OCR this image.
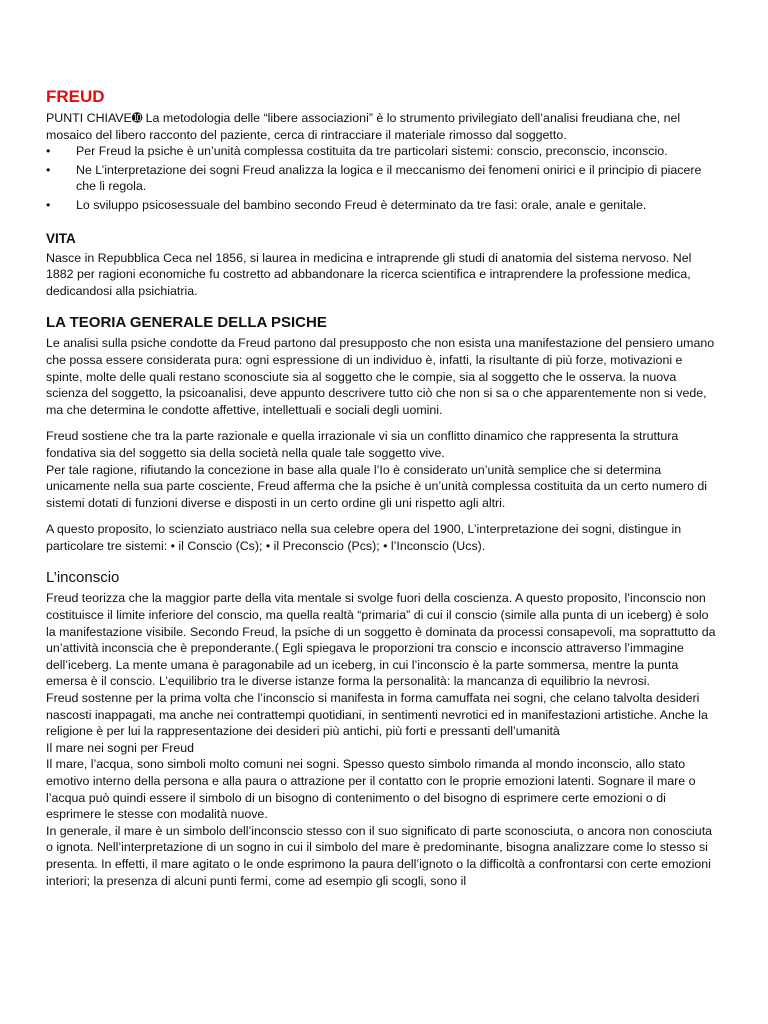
FREUD

PUNTI CHIAVE➓ La metodologia delle “libere associazioni” è lo strumento privilegiato dell’analisi freudiana che, nel mosaico del libero racconto del paziente, cerca di rintracciare il materiale rimosso dal soggetto.

• Per Freud la psiche è un’unità complessa costituita da tre particolari sistemi: conscio, preconscio, inconscio.
• Ne L’interpretazione dei sogni Freud analizza la logica e il meccanismo dei fenomeni onirici e il principio di piacere che li regola.
• Lo sviluppo psicosessuale del bambino secondo Freud è determinato da tre fasi: orale, anale e genitale.
VITA

Nasce in Repubblica Ceca nel 1856, si laurea in medicina e intraprende gli studi di anatomia del sistema nervoso. Nel 1882 per ragioni economiche fu costretto ad abbandonare la ricerca scientifica e intraprendere la professione medica, dedicandosi alla psichiatria.

LA TEORIA GENERALE DELLA PSICHE

Le analisi sulla psiche condotte da Freud partono dal presupposto che non esista una manifestazione del pensiero umano che possa essere considerata pura: ogni espressione di un individuo è, infatti, la risultante di più forze, motivazioni e spinte, molte delle quali restano sconosciute sia al soggetto che le compie, sia al soggetto che le osserva. la nuova scienza del soggetto, la psicoanalisi, deve appunto descrivere tutto ciò che non si sa o che apparentemente non si vede, ma che determina le condotte affettive, intellettuali e sociali degli uomini.

Freud sostiene che tra la parte razionale e quella irrazionale vi sia un conflitto dinamico che rappresenta la struttura fondativa sia del soggetto sia della società nella quale tale soggetto vive.

Per tale ragione, rifiutando la concezione in base alla quale l’Io è considerato un’unità semplice che si determina unicamente nella sua parte cosciente, Freud afferma che la psiche è un’unità complessa costituita da un certo numero di sistemi dotati di funzioni diverse e disposti in un certo ordine gli uni rispetto agli altri.

A questo proposito, lo scienziato austriaco nella sua celebre opera del 1900, L’interpretazione dei sogni, distingue in particolare tre sistemi: • il Conscio (Cs); • il Preconscio (Pcs); • l’Inconscio (Ucs).

L’inconscio

Freud teorizza che la maggior parte della vita mentale si svolge fuori della coscienza. A questo proposito, l’inconscio non costituisce il limite inferiore del conscio, ma quella realtà “primaria” di cui il conscio (simile alla punta di un iceberg) è solo la manifestazione visibile. Secondo Freud, la psiche di un soggetto è dominata da processi consapevoli, ma soprattutto da un’attività inconscia che è preponderante.( Egli spiegava le proporzioni tra conscio e inconscio attraverso l’immagine dell’iceberg. La mente umana è paragonabile ad un iceberg, in cui l’inconscio è la parte sommersa, mentre la punta emersa è il conscio. L’equilibrio tra le diverse istanze forma la personalità: la mancanza di equilibrio la nevrosi.

Freud sostenne per la prima volta che l’inconscio si manifesta in forma camuffata nei sogni, che celano talvolta desideri nascosti inappagati, ma anche nei contrattempi quotidiani, in sentimenti nevrotici ed in manifestazioni artistiche. Anche la religione è per lui la rappresentazione dei desideri più antichi, più forti e pressanti dell’umanità

Il mare nei sogni per Freud

Il mare, l’acqua, sono simboli molto comuni nei sogni. Spesso questo simbolo rimanda al mondo inconscio, allo stato emotivo interno della persona e alla paura o attrazione per il contatto con le proprie emozioni latenti. Sognare il mare o l’acqua può quindi essere il simbolo di un bisogno di contenimento o del bisogno di esprimere certe emozioni o di esprimere le stesse con modalità nuove.

In generale, il mare è un simbolo dell’inconscio stesso con il suo significato di parte sconosciuta, o ancora non conosciuta o ignota. Nell’interpretazione di un sogno in cui il simbolo del mare è predominante, bisogna analizzare come lo stesso si presenta. In effetti, il mare agitato o le onde esprimono la paura dell’ignoto o la difficoltà a confrontarsi con certe emozioni interiori; la presenza di alcuni punti fermi, come ad esempio gli scogli, sono il
